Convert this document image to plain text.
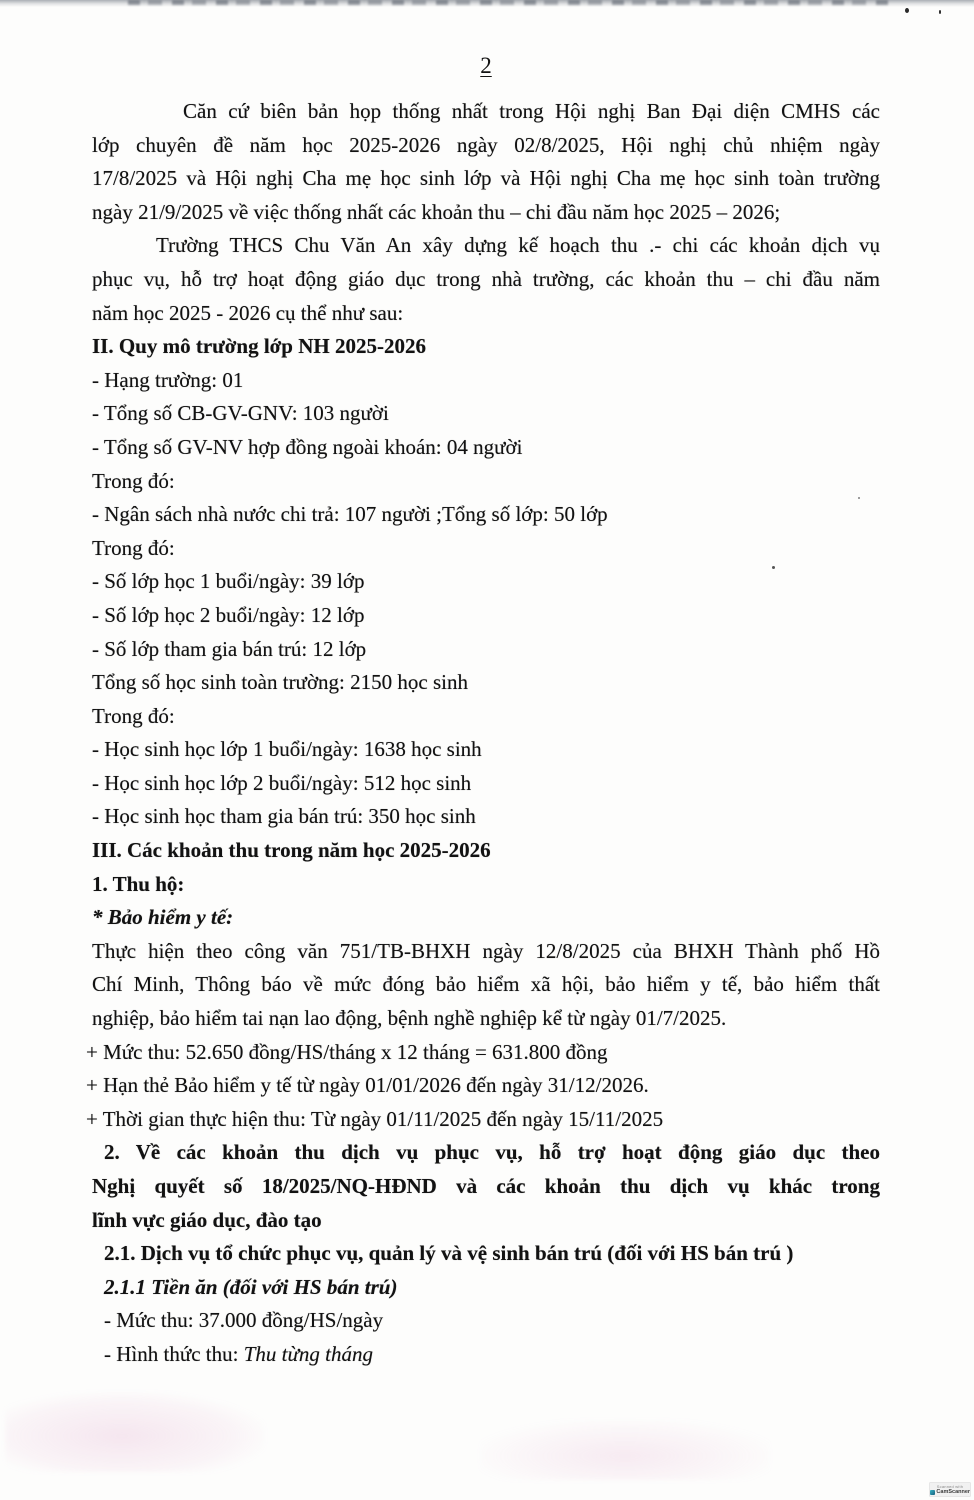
2
Căn cứ biên bản họp thống nhất trong Hội nghị Ban Đại diện CMHS các
lớp chuyên đề năm học 2025-2026 ngày 02/8/2025, Hội nghị chủ nhiệm ngày
17/8/2025 và Hội nghị Cha mẹ học sinh lớp và Hội nghị Cha mẹ học sinh toàn trường
ngày 21/9/2025 về việc thống nhất các khoản thu – chi đầu năm học 2025 – 2026;
Trường THCS Chu Văn An xây dựng kế hoạch thu .- chi các khoản dịch vụ
phục vụ, hỗ trợ hoạt động giáo dục trong nhà trường, các khoản thu – chi đầu năm
năm học 2025 - 2026 cụ thể như sau:
II. Quy mô trường lớp NH 2025-2026
- Hạng trường: 01
- Tổng số CB-GV-GNV: 103 người
- Tổng số GV-NV hợp đồng ngoài khoán: 04 người
Trong đó:
- Ngân sách nhà nước chi trả: 107 người ;Tổng số lớp: 50 lớp
Trong đó:
- Số lớp học 1 buổi/ngày: 39 lớp
- Số lớp học 2 buổi/ngày: 12 lớp
- Số lớp tham gia bán trú: 12 lớp
Tổng số học sinh toàn trường: 2150 học sinh
Trong đó:
- Học sinh học lớp 1 buổi/ngày: 1638 học sinh
- Học sinh học lớp 2 buổi/ngày: 512 học sinh
- Học sinh học tham gia bán trú: 350 học sinh
III. Các khoản thu trong năm học 2025-2026
1. Thu hộ:
* Bảo hiểm y tế:
Thực hiện theo công văn 751/TB-BHXH ngày 12/8/2025 của BHXH Thành phố Hồ
Chí Minh, Thông báo về mức đóng bảo hiểm xã hội, bảo hiểm y tế, bảo hiểm thất
nghiệp, bảo hiểm tai nạn lao động, bệnh nghề nghiệp kể từ ngày 01/7/2025.
+ Mức thu: 52.650 đồng/HS/tháng x 12 tháng = 631.800 đồng
+ Hạn thẻ Bảo hiểm y tế từ ngày 01/01/2026 đến ngày 31/12/2026.
+ Thời gian thực hiện thu: Từ ngày 01/11/2025 đến ngày 15/11/2025
2. Về các khoản thu dịch vụ phục vụ, hỗ trợ hoạt động giáo dục theo
Nghị quyết số 18/2025/NQ-HĐND và các khoản thu dịch vụ khác trong
lĩnh vực giáo dục, đào tạo
2.1. Dịch vụ tổ chức phục vụ, quản lý và vệ sinh bán trú (đối với HS bán trú )
2.1.1 Tiền ăn (đối với HS bán trú)
- Mức thu: 37.000 đồng/HS/ngày
- Hình thức thu: Thu từng tháng
Scanned with
CamScanner
